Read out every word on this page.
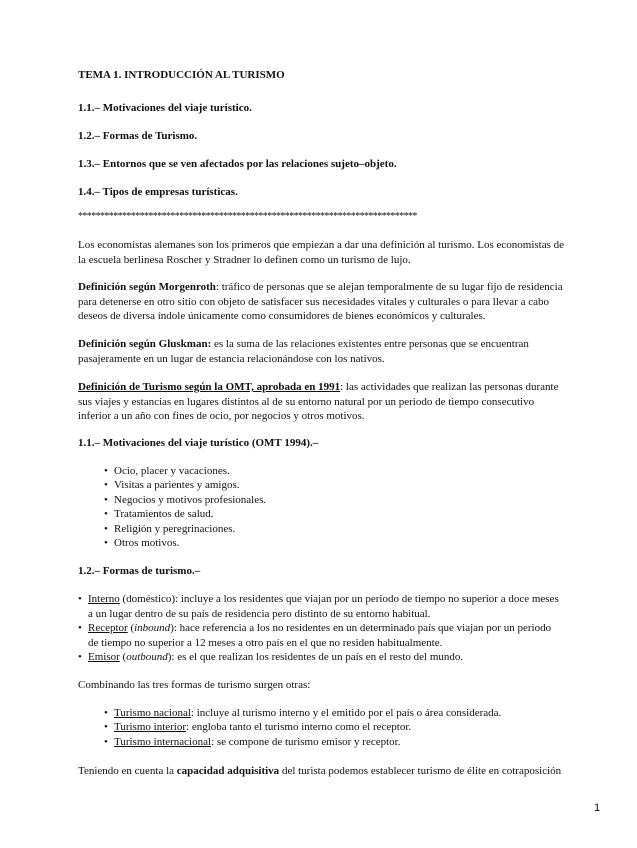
TEMA 1. INTRODUCCIÓN AL TURISMO
1.1.– Motivaciones del viaje turístico.
1.2.– Formas de Turismo.
1.3.– Entornos que se ven afectados por las relaciones sujeto–objeto.
1.4.– Tipos de empresas turísticas.
*****************************************************************************

Los economistas alemanes son los primeros que empiezan a dar una definición al turismo. Los economistas de

la escuela berlinesa Roscher y Stradner lo definen como un turismo de lujo.

Definición según Morgenroth: tráfico de personas que se alejan temporalmente de su lugar fijo de residencia

para detenerse en otro sitio con objeto de satisfacer sus necesidades vitales y culturales o para llevar a cabo

deseos de diversa índole únicamente como consumidores de bienes económicos y culturales.

Definición según Gluskman: es la suma de las relaciones existentes entre personas que se encuentran

pasajeramente en un lugar de estancia relacionándose con los nativos.

Definición de Turismo según la OMT, aprobada en 1991: las actividades que realizan las personas durante

sus viajes y estancias en lugares distintos al de su entorno natural por un periodo de tiempo consecutivo

inferior a un año con fines de ocio, por negocios y otros motivos.

1.1.– Motivaciones del viaje turístico (OMT 1994).–
• Ocio, placer y vacaciones.
• Visitas a parientes y amigos.
• Negocios y motivos profesionales.
• Tratamientos de salud.
• Religión y peregrinaciones.
• Otros motivos.
1.2.– Formas de turismo.–
• Interno (doméstico): incluye a los residentes que viajan por un periodo de tiempo no superior a doce meses
a un lugar dentro de su país de residencia pero distinto de su entorno habitual.
• Receptor (inbound): hace referencia a los no residentes en un determinado país que viajan por un periodo
de tiempo no superior a 12 meses a otro país en el que no residen habitualmente.
• Emisor (outbound): es el que realizan los residentes de un país en el resto del mundo.
Combinando las tres formas de turismo surgen otras:
• Turismo nacional: incluye al turismo interno y el emitido por el país o área considerada.
• Turismo interior: engloba tanto el turismo interno como el receptor.
• Turismo internacional: se compone de turismo emisor y receptor.
Teniendo en cuenta la capacidad adquisitiva del turista podemos establecer turismo de élite en cotraposición
1
